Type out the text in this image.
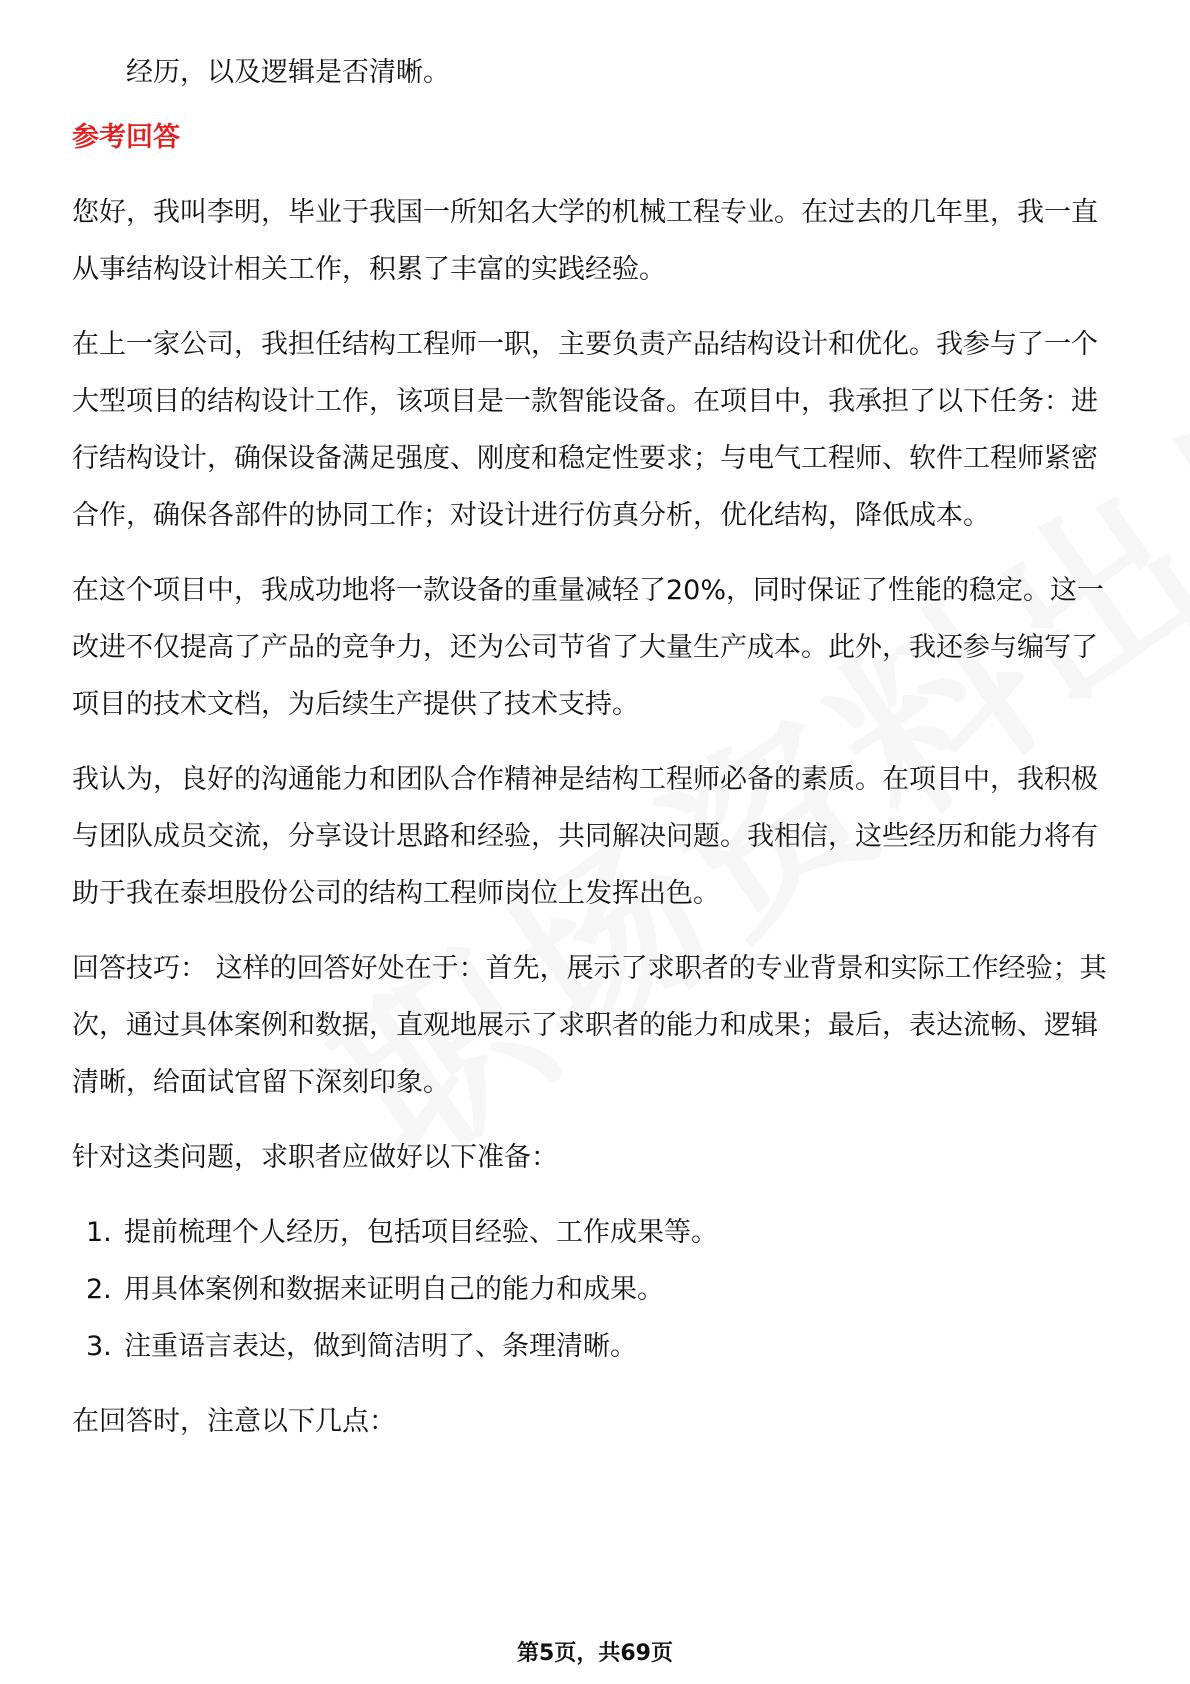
经历，以及逻辑是否清晰。

参考回答

您好，我叫李明，毕业于我国一所知名大学的机械工程专业。在过去的几年里，我一直从事结构设计相关工作，积累了丰富的实践经验。

在上一家公司，我担任结构工程师一职，主要负责产品结构设计和优化。我参与了一个大型项目的结构设计工作，该项目是一款智能设备。在项目中，我承担了以下任务：进行结构设计，确保设备满足强度、刚度和稳定性要求；与电气工程师、软件工程师紧密合作，确保各部件的协同工作；对设计进行仿真分析，优化结构，降低成本。

在这个项目中，我成功地将一款设备的重量减轻了20%，同时保证了性能的稳定。这一改进不仅提高了产品的竞争力，还为公司节省了大量生产成本。此外，我还参与编写了项目的技术文档，为后续生产提供了技术支持。

我认为，良好的沟通能力和团队合作精神是结构工程师必备的素质。在项目中，我积极与团队成员交流，分享设计思路和经验，共同解决问题。我相信，这些经历和能力将有助于我在泰坦股份公司的结构工程师岗位上发挥出色。

回答技巧： 这样的回答好处在于：首先，展示了求职者的专业背景和实际工作经验；其次，通过具体案例和数据，直观地展示了求职者的能力和成果；最后，表达流畅、逻辑清晰，给面试官留下深刻印象。

针对这类问题，求职者应做好以下准备：

1. 提前梳理个人经历，包括项目经验、工作成果等。
2. 用具体案例和数据来证明自己的能力和成果。
3. 注重语言表达，做到简洁明了、条理清晰。

在回答时，注意以下几点：

第5页，共69页
